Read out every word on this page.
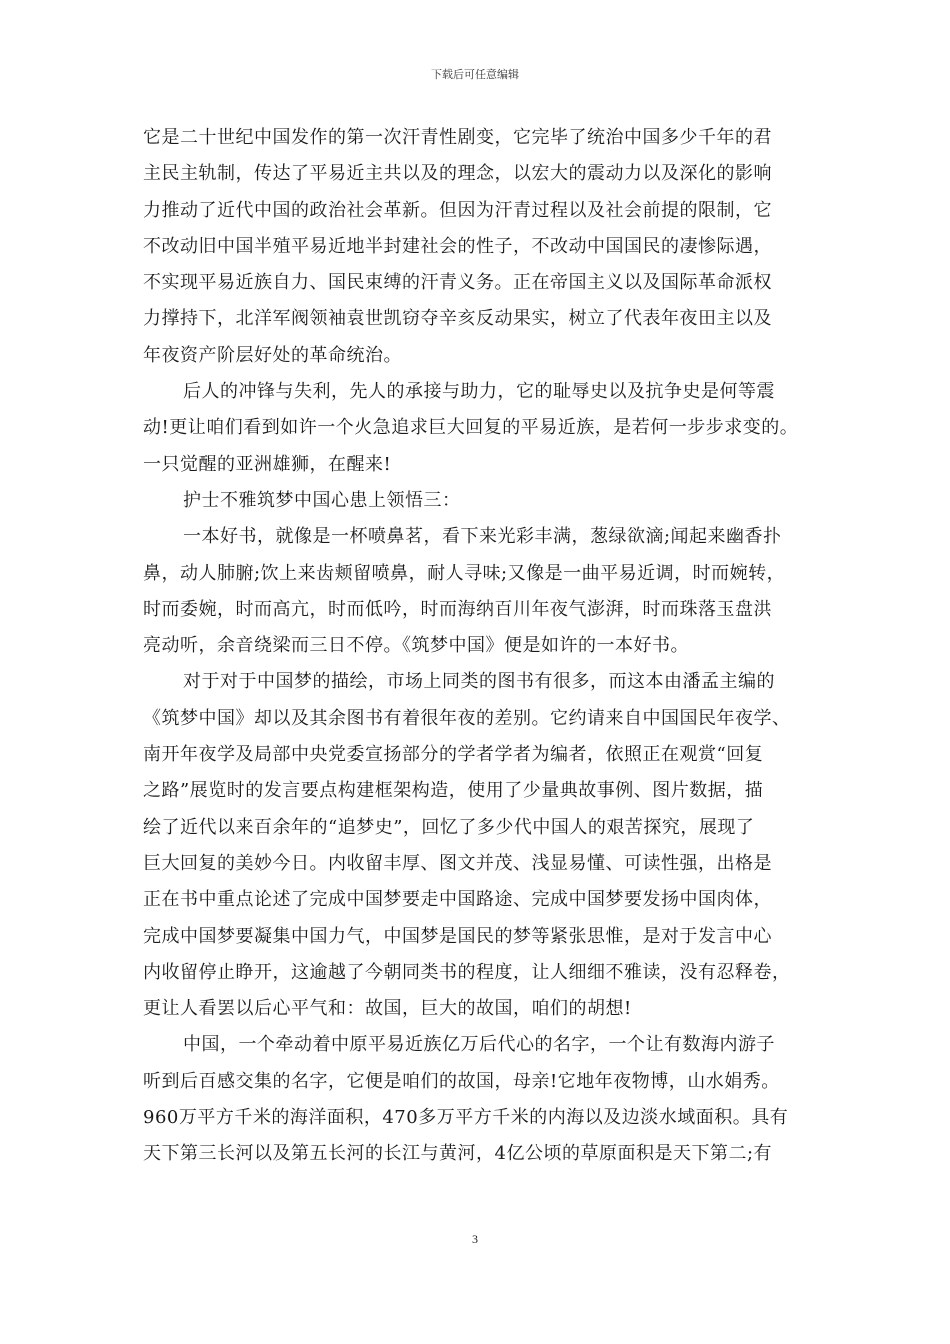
下载后可任意编辑

它是二十世纪中国发作的第一次汗青性剧变，它完毕了统治中国多少千年的君
主民主轨制，传达了平易近主共以及的理念，以宏大的震动力以及深化的影响
力推动了近代中国的政治社会革新。但因为汗青过程以及社会前提的限制，它
不改动旧中国半殖平易近地半封建社会的性子，不改动中国国民的凄惨际遇，
不实现平易近族自力、国民束缚的汗青义务。正在帝国主义以及国际革命派权
力撑持下，北洋军阀领袖袁世凯窃夺辛亥反动果实，树立了代表年夜田主以及
年夜资产阶层好处的革命统治。

后人的冲锋与失利，先人的承接与助力，它的耻辱史以及抗争史是何等震
动!更让咱们看到如许一个火急追求巨大回复的平易近族，是若何一步步求变的。
一只觉醒的亚洲雄狮，在醒来!

护士不雅筑梦中国心患上领悟三：

一本好书，就像是一杯喷鼻茗，看下来光彩丰满，葱绿欲滴;闻起来幽香扑
鼻，动人肺腑;饮上来齿颊留喷鼻，耐人寻味;又像是一曲平易近调，时而婉转，
时而委婉，时而高亢，时而低吟，时而海纳百川年夜气澎湃，时而珠落玉盘洪
亮动听，余音绕梁而三日不停。《筑梦中国》便是如许的一本好书。

对于对于中国梦的描绘，市场上同类的图书有很多，而这本由潘孟主编的
《筑梦中国》却以及其余图书有着很年夜的差别。它约请来自中国国民年夜学、
南开年夜学及局部中央党委宣扬部分的学者学者为编者，依照正在观赏“回复
之路”展览时的发言要点构建框架构造，使用了少量典故事例、图片数据，描
绘了近代以来百余年的“追梦史”，回忆了多少代中国人的艰苦探究，展现了
巨大回复的美妙今日。内收留丰厚、图文并茂、浅显易懂、可读性强，出格是
正在书中重点论述了完成中国梦要走中国路途、完成中国梦要发扬中国肉体，
完成中国梦要凝集中国力气，中国梦是国民的梦等紧张思惟，是对于发言中心
内收留停止睁开，这逾越了今朝同类书的程度，让人细细不雅读，没有忍释卷，
更让人看罢以后心平气和：故国，巨大的故国，咱们的胡想!

中国，一个牵动着中原平易近族亿万后代心的名字，一个让有数海内游子
听到后百感交集的名字，它便是咱们的故国，母亲!它地年夜物博，山水娟秀。
960万平方千米的海洋面积，470多万平方千米的内海以及边淡水域面积。具有
天下第三长河以及第五长河的长江与黄河，4亿公顷的草原面积是天下第二;有

3
